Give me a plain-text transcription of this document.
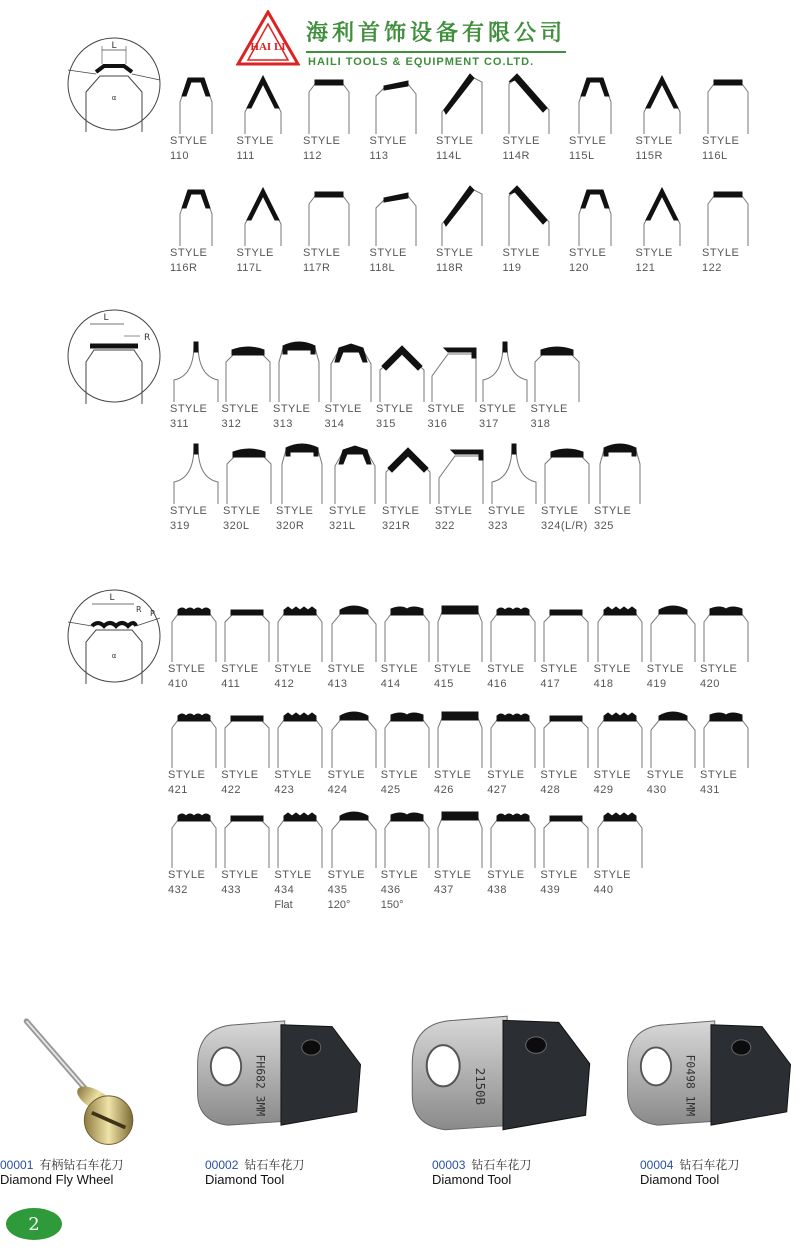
HAI LI
海利首饰设备有限公司
HAILI TOOLS & EQUIPMENT CO.LTD.
L
α
L
R
L
R P
α
STYLE
110
STYLE
111
STYLE
112
STYLE
113
STYLE
114L
STYLE
114R
STYLE
115L
STYLE
115R
STYLE
116L
STYLE
116R
STYLE
117L
STYLE
117R
STYLE
118L
STYLE
118R
STYLE
119
STYLE
120
STYLE
121
STYLE
122
STYLE
311
STYLE
312
STYLE
313
STYLE
314
STYLE
315
STYLE
316
STYLE
317
STYLE
318
STYLE
319
STYLE
320L
STYLE
320R
STYLE
321L
STYLE
321R
STYLE
322
STYLE
323
STYLE
324(L/R)
STYLE
325
STYLE
410
STYLE
411
STYLE
412
STYLE
413
STYLE
414
STYLE
415
STYLE
416
STYLE
417
STYLE
418
STYLE
419
STYLE
420
STYLE
421
STYLE
422
STYLE
423
STYLE
424
STYLE
425
STYLE
426
STYLE
427
STYLE
428
STYLE
429
STYLE
430
STYLE
431
STYLE
432
STYLE
433
STYLE
434
Flat
STYLE
435
120°
STYLE
436
150°
STYLE
437
STYLE
438
STYLE
439
STYLE
440
00001 有柄钻石车花刀
Diamond Fly Wheel
FH682 3MM
00002 钻石车花刀
Diamond Tool
2150B
00003 钻石车花刀
Diamond Tool
F0498 1MM
00004 钻石车花刀
Diamond Tool
2
